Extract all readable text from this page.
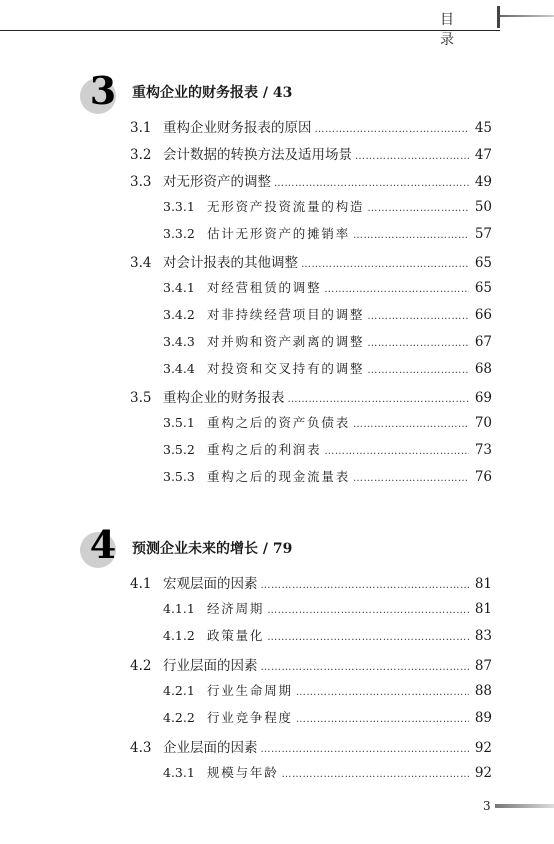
目 录
3	重构企业的财务报表 / 43
3.1 重构企业财务报表的原因 …………………………………………………………………………………………………………………………………………………………	45
3.2 会计数据的转换方法及适用场景 …………………………………………………………………………………………………………………………………………………………	47
3.3 对无形资产的调整 …………………………………………………………………………………………………………………………………………………………	49
3.3.1 无形资产投资流量的构造 …………………………………………………………………………………………………………………………………………………………	50
3.3.2 估计无形资产的摊销率 …………………………………………………………………………………………………………………………………………………………	57
3.4 对会计报表的其他调整 …………………………………………………………………………………………………………………………………………………………	65
3.4.1 对经营租赁的调整 …………………………………………………………………………………………………………………………………………………………	65
3.4.2 对非持续经营项目的调整 …………………………………………………………………………………………………………………………………………………………	66
3.4.3 对并购和资产剥离的调整 …………………………………………………………………………………………………………………………………………………………	67
3.4.4 对投资和交叉持有的调整 …………………………………………………………………………………………………………………………………………………………	68
3.5 重构企业的财务报表 …………………………………………………………………………………………………………………………………………………………	69
3.5.1 重构之后的资产负债表 …………………………………………………………………………………………………………………………………………………………	70
3.5.2 重构之后的利润表 …………………………………………………………………………………………………………………………………………………………	73
3.5.3 重构之后的现金流量表 …………………………………………………………………………………………………………………………………………………………	76
4	预测企业未来的增长 / 79
4.1 宏观层面的因素 …………………………………………………………………………………………………………………………………………………………	81
4.1.1 经济周期 …………………………………………………………………………………………………………………………………………………………	81
4.1.2 政策量化 …………………………………………………………………………………………………………………………………………………………	83
4.2 行业层面的因素 …………………………………………………………………………………………………………………………………………………………	87
4.2.1 行业生命周期 …………………………………………………………………………………………………………………………………………………………	88
4.2.2 行业竞争程度 …………………………………………………………………………………………………………………………………………………………	89
4.3 企业层面的因素 …………………………………………………………………………………………………………………………………………………………	92
4.3.1 规模与年龄 …………………………………………………………………………………………………………………………………………………………	92
3
